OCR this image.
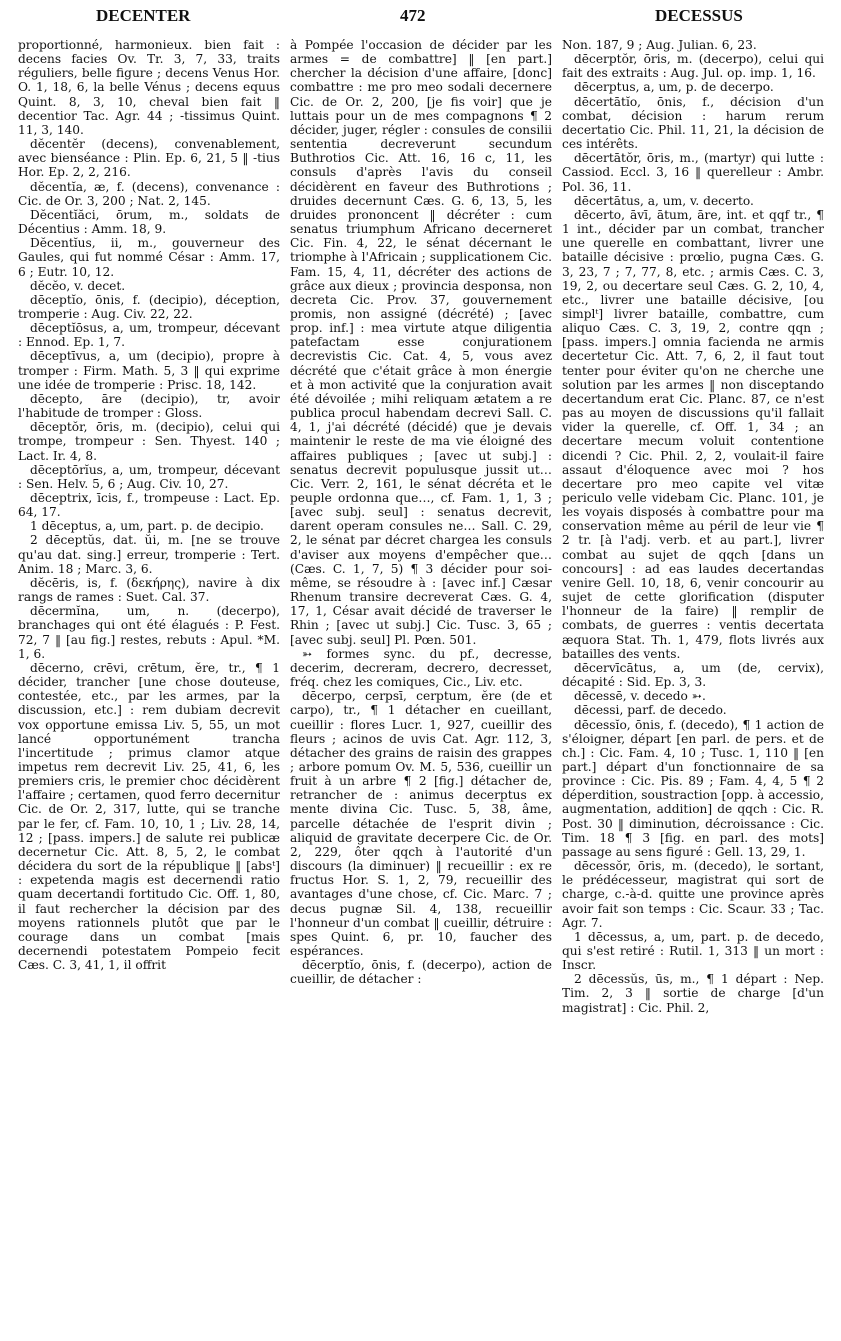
DECENTER	472	DECESSUS

proportionné, harmonieux. bien fait : decens facies Ov. Tr. 3, 7, 33, traits réguliers, belle figure ; decens Venus Hor. O. 1, 18, 6, la belle Vénus ; decens equus Quint. 8, 3, 10, cheval bien fait ‖ decentior Tac. Agr. 44 ; -tissimus Quint. 11, 3, 140.

dĕcentĕr (decens), convenablement, avec bienséance : Plin. Ep. 6, 21, 5 ‖ -tius Hor. Ep. 2, 2, 216.

dĕcentĭa, æ, f. (decens), convenance : Cic. de Or. 3, 200 ; Nat. 2, 145.

Dĕcentĭăci, ōrum, m., soldats de Décentius : Amm. 18, 9.

Dĕcentĭus, ii, m., gouverneur des Gaules, qui fut nommé César : Amm. 17, 6 ; Eutr. 10, 12.

dĕcĕo, v. decet.

dēceptĭo, ōnis, f. (decipio), déception, tromperie : Aug. Civ. 22, 22.

dēceptĭōsus, a, um, trompeur, décevant : Ennod. Ep. 1, 7.

dēceptīvus, a, um (decipio), propre à tromper : Firm. Math. 5, 3 ‖ qui exprime une idée de tromperie : Prisc. 18, 142.

dēcepto, āre (decipio), tr, avoir l'habitude de tromper : Gloss.

dēceptŏr, ōris, m. (decipio), celui qui trompe, trompeur : Sen. Thyest. 140 ; Lact. Ir. 4, 8.

dēceptōrĭus, a, um, trompeur, décevant : Sen. Helv. 5, 6 ; Aug. Civ. 10, 27.

dēceptrix, īcis, f., trompeuse : Lact. Ep. 64, 17.

1 dēceptus, a, um, part. p. de decipio.

2 dēceptŭs, dat. ŭi, m. [ne se trouve qu'au dat. sing.] erreur, tromperie : Tert. Anim. 18 ; Marc. 3, 6.

dĕcēris, is, f. (δεκήρης), navire à dix rangs de rames : Suet. Cal. 37.

dēcermĭna, um, n. (decerpo), branchages qui ont été élagués : P. Fest. 72, 7 ‖ [au fig.] restes, rebuts : Apul. *M. 1, 6.

dēcerno, crēvi, crētum, ĕre, tr., ¶ 1 décider, trancher [une chose douteuse, contestée, etc., par les armes, par la discussion, etc.] : rem dubiam decrevit vox opportune emissa Liv. 5, 55, un mot lancé opportunément trancha l'incertitude ; primus clamor atque impetus rem decrevit Liv. 25, 41, 6, les premiers cris, le premier choc décidèrent l'affaire ; certamen, quod ferro decernitur Cic. de Or. 2, 317, lutte, qui se tranche par le fer, cf. Fam. 10, 10, 1 ; Liv. 28, 14, 12 ; [pass. impers.] de salute rei publicæ decernetur Cic. Att. 8, 5, 2, le combat décidera du sort de la république ‖ [absᵗ] : expetenda magis est decernendi ratio quam decertandi fortitudo Cic. Off. 1, 80, il faut rechercher la décision par des moyens rationnels plutôt que par le courage dans un combat [mais decernendi potestatem Pompeio fecit Cæs. C. 3, 41, 1, il offrit

à Pompée l'occasion de décider par les armes = de combattre] ‖ [en part.] chercher la décision d'une affaire, [donc] combattre : me pro meo sodali decernere Cic. de Or. 2, 200, [je fis voir] que je luttais pour un de mes compagnons ¶ 2 décider, juger, régler : consules de consilii sententia decreverunt secundum Buthrotios Cic. Att. 16, 16 c, 11, les consuls d'après l'avis du conseil décidèrent en faveur des Buthrotions ; druides decernunt Cæs. G. 6, 13, 5, les druides prononcent ‖ décréter : cum senatus triumphum Africano decerneret Cic. Fin. 4, 22, le sénat décernant le triomphe à l'Africain ; supplicationem Cic. Fam. 15, 4, 11, décréter des actions de grâce aux dieux ; provincia desponsa, non decreta Cic. Prov. 37, gouvernement promis, non assigné (décrété) ; [avec prop. inf.] : mea virtute atque diligentia patefactam esse conjurationem decrevistis Cic. Cat. 4, 5, vous avez décrété que c'était grâce à mon énergie et à mon activité que la conjuration avait été dévoilée ; mihi reliquam ætatem a re publica procul habendam decrevi Sall. C. 4, 1, j'ai décrété (décidé) que je devais maintenir le reste de ma vie éloigné des affaires publiques ; [avec ut subj.] : senatus decrevit populusque jussit ut… Cic. Verr. 2, 161, le sénat décréta et le peuple ordonna que…, cf. Fam. 1, 1, 3 ; [avec subj. seul] : senatus decrevit, darent operam consules ne… Sall. C. 29, 2, le sénat par décret chargea les consuls d'aviser aux moyens d'empêcher que… (Cæs. C. 1, 7, 5) ¶ 3 décider pour soi-même, se résoudre à : [avec inf.] Cæsar Rhenum transire decreverat Cæs. G. 4, 17, 1, César avait décidé de traverser le Rhin ; [avec ut subj.] Cic. Tusc. 3, 65 ; [avec subj. seul] Pl. Pœn. 501.

➳ formes sync. du pf., decresse, decerim, decreram, decrero, decresset, fréq. chez les comiques, Cic., Liv. etc.

dēcerpo, cerpsī, cerptum, ĕre (de et carpo), tr., ¶ 1 détacher en cueillant, cueillir : flores Lucr. 1, 927, cueillir des fleurs ; acinos de uvis Cat. Agr. 112, 3, détacher des grains de raisin des grappes ; arbore pomum Ov. M. 5, 536, cueillir un fruit à un arbre ¶ 2 [fig.] détacher de, retrancher de : animus decerptus ex mente divina Cic. Tusc. 5, 38, âme, parcelle détachée de l'esprit divin ; aliquid de gravitate decerpere Cic. de Or. 2, 229, ôter qqch à l'autorité d'un discours (la diminuer) ‖ recueillir : ex re fructus Hor. S. 1, 2, 79, recueillir des avantages d'une chose, cf. Cic. Marc. 7 ; decus pugnæ Sil. 4, 138, recueillir l'honneur d'un combat ‖ cueillir, détruire : spes Quint. 6, pr. 10, faucher des espérances.

dēcerptĭo, ōnis, f. (decerpo), action de cueillir, de détacher :

Non. 187, 9 ; Aug. Julian. 6, 23.

dēcerptŏr, ōris, m. (decerpo), celui qui fait des extraits : Aug. Jul. op. imp. 1, 16.

dēcerptus, a, um, p. de decerpo.

dēcertātĭo, ōnis, f., décision d'un combat, décision : harum rerum decertatio Cic. Phil. 11, 21, la décision de ces intérêts.

dēcertātŏr, ōris, m., (martyr) qui lutte : Cassiod. Eccl. 3, 16 ‖ querelleur : Ambr. Pol. 36, 11.

dēcertātus, a, um, v. decerto.

dēcerto, āvī, ātum, āre, int. et qqf tr., ¶ 1 int., décider par un combat, trancher une querelle en combattant, livrer une bataille décisive : prœlio, pugna Cæs. G. 3, 23, 7 ; 7, 77, 8, etc. ; armis Cæs. C. 3, 19, 2, ou decertare seul Cæs. G. 2, 10, 4, etc., livrer une bataille décisive, [ou simplᵗ] livrer bataille, combattre, cum aliquo Cæs. C. 3, 19, 2, contre qqn ; [pass. impers.] omnia facienda ne armis decertetur Cic. Att. 7, 6, 2, il faut tout tenter pour éviter qu'on ne cherche une solution par les armes ‖ non disceptando decertandum erat Cic. Planc. 87, ce n'est pas au moyen de discussions qu'il fallait vider la querelle, cf. Off. 1, 34 ; an decertare mecum voluit contentione dicendi ? Cic. Phil. 2, 2, voulait-il faire assaut d'éloquence avec moi ? hos decertare pro meo capite vel vitæ periculo velle videbam Cic. Planc. 101, je les voyais disposés à combattre pour ma conservation même au péril de leur vie ¶ 2 tr. [à l'adj. verb. et au part.], livrer combat au sujet de qqch [dans un concours] : ad eas laudes decertandas venire Gell. 10, 18, 6, venir concourir au sujet de cette glorification (disputer l'honneur de la faire) ‖ remplir de combats, de guerres : ventis decertata æquora Stat. Th. 1, 479, flots livrés aux batailles des vents.

dēcervīcātus, a, um (de, cervix), décapité : Sid. Ep. 3, 3.

dēcessē, v. decedo ➳.

dēcessi, parf. de decedo.

dēcessĭo, ōnis, f. (decedo), ¶ 1 action de s'éloigner, départ [en parl. de pers. et de ch.] : Cic. Fam. 4, 10 ; Tusc. 1, 110 ‖ [en part.] départ d'un fonctionnaire de sa province : Cic. Pis. 89 ; Fam. 4, 4, 5 ¶ 2 déperdition, soustraction [opp. à accessio, augmentation, addition] de qqch : Cic. R. Post. 30 ‖ diminution, décroissance : Cic. Tim. 18 ¶ 3 [fig. en parl. des mots] passage au sens figuré : Gell. 13, 29, 1.

dēcessŏr, ōris, m. (decedo), le sortant, le prédécesseur, magistrat qui sort de charge, c.-à-d. quitte une province après avoir fait son temps : Cic. Scaur. 33 ; Tac. Agr. 7.

1 dēcessus, a, um, part. p. de decedo, qui s'est retiré : Rutil. 1, 313 ‖ un mort : Inscr.

2 dēcessŭs, ūs, m., ¶ 1 départ : Nep. Tim. 2, 3 ‖ sortie de charge [d'un magistrat] : Cic. Phil. 2,
